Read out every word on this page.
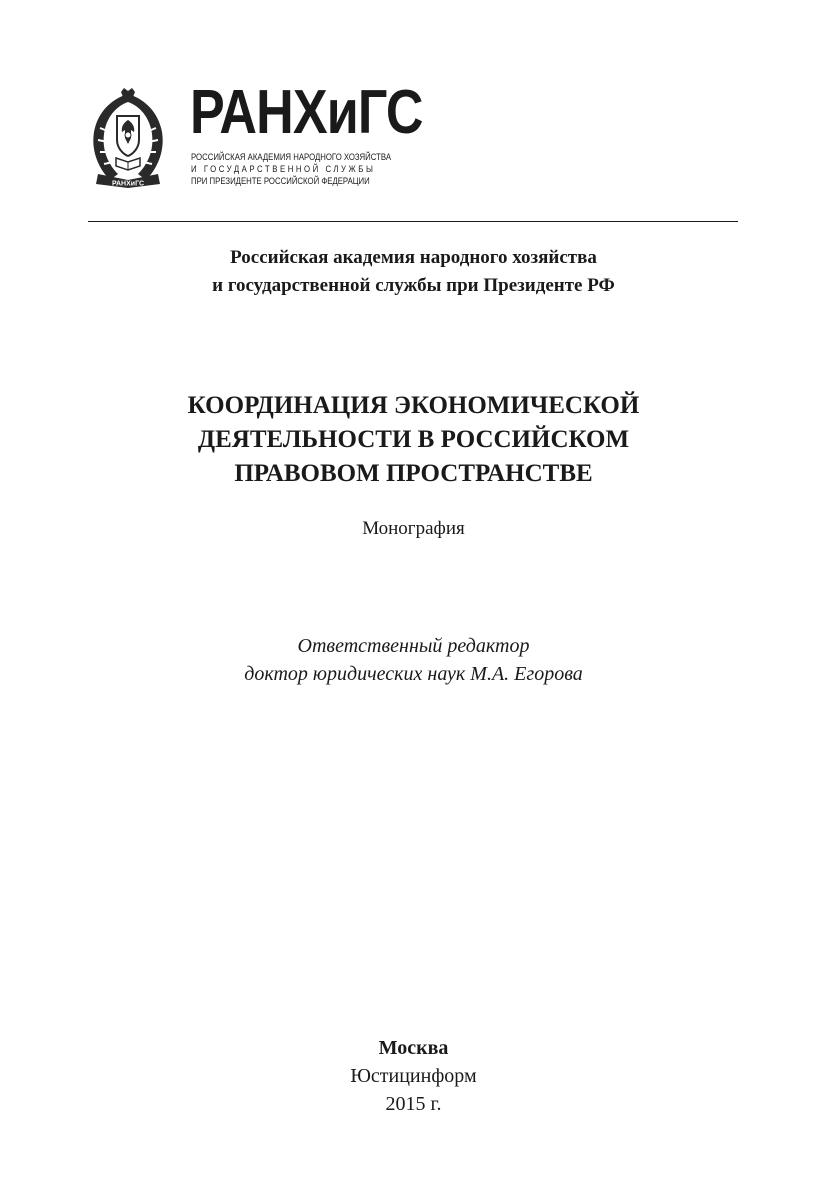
РАНХиГС
РАНХиГС
РОССИЙСКАЯ АКАДЕМИЯ НАРОДНОГО ХОЗЯЙСТВА
И ГОСУДАРСТВЕННОЙ СЛУЖБЫ
ПРИ ПРЕЗИДЕНТЕ РОССИЙСКОЙ ФЕДЕРАЦИИ
Российская академия народного хозяйства
и государственной службы при Президенте РФ
КООРДИНАЦИЯ ЭКОНОМИЧЕСКОЙ
ДЕЯТЕЛЬНОСТИ В РОССИЙСКОМ
ПРАВОВОМ ПРОСТРАНСТВЕ
Монография
Ответственный редактор
доктор юридических наук М.А. Егорова
Москва
Юстицинформ
2015 г.
